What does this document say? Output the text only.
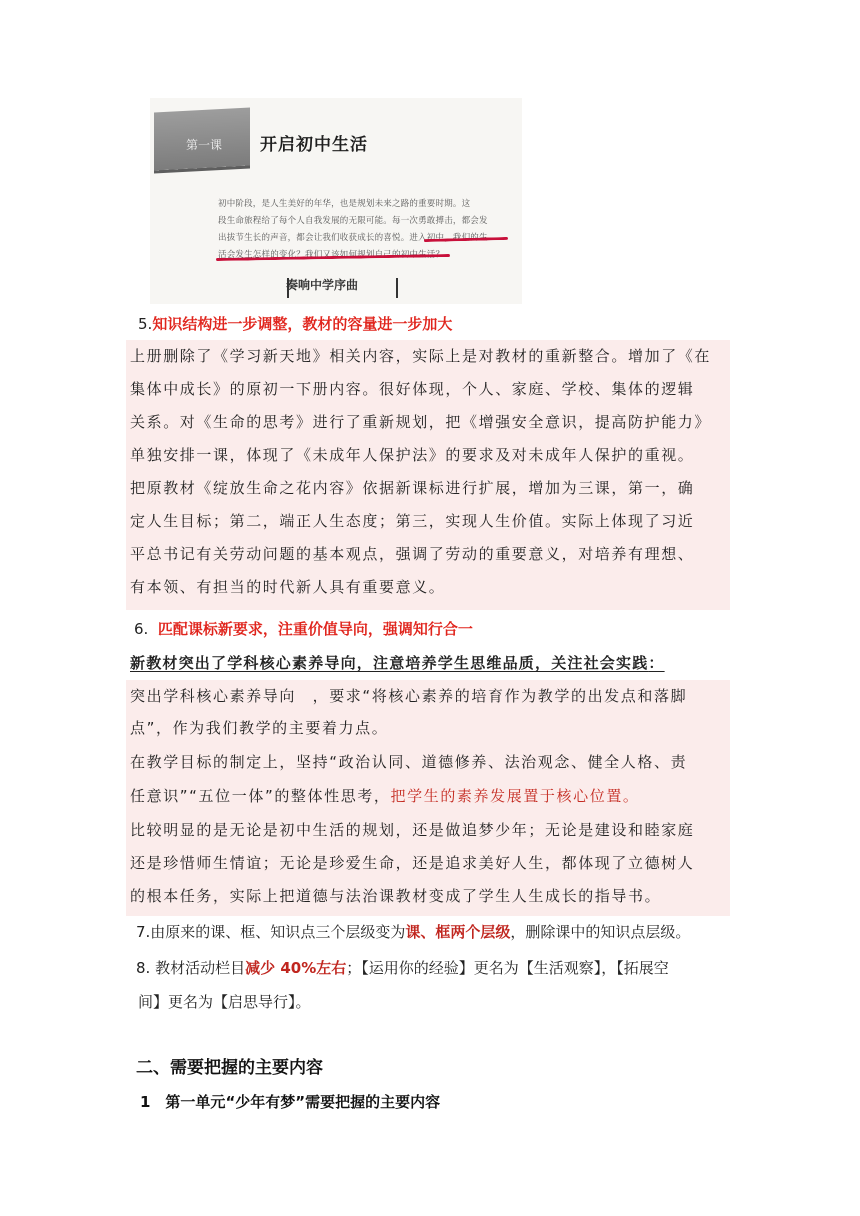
第一课 开启初中生活
初中阶段，是人生美好的年华，也是规划未来之路的重要时期。这
段生命旅程给了每个人自我发展的无限可能。每一次勇敢搏击，都会发
出拔节生长的声音，都会让我们收获成长的喜悦。进入初中，我们的生
活会发生怎样的变化？我们又该如何规划自己的初中生活？
奏响中学序曲
5.知识结构进一步调整，教材的容量进一步加大
上册删除了《学习新天地》相关内容，实际上是对教材的重新整合。增加了《在
集体中成长》的原初一下册内容。很好体现，个人、家庭、学校、集体的逻辑
关系。对《生命的思考》进行了重新规划，把《增强安全意识，提高防护能力》
单独安排一课，体现了《未成年人保护法》的要求及对未成年人保护的重视。
把原教材《绽放生命之花内容》依据新课标进行扩展，增加为三课，第一，确
定人生目标；第二，端正人生态度；第三，实现人生价值。实际上体现了习近
平总书记有关劳动问题的基本观点，强调了劳动的重要意义，对培养有理想、
有本领、有担当的时代新人具有重要意义。
6. 匹配课标新要求，注重价值导向，强调知行合一
新教材突出了学科核心素养导向，注意培养学生思维品质，关注社会实践：
突出学科核心素养导向　，要求“将核心素养的培育作为教学的出发点和落脚
点”，作为我们教学的主要着力点。
在教学目标的制定上，坚持“政治认同、道德修养、法治观念、健全人格、责
任意识”“五位一体”的整体性思考，把学生的素养发展置于核心位置。
比较明显的是无论是初中生活的规划，还是做追梦少年；无论是建设和睦家庭
还是珍惜师生情谊；无论是珍爱生命，还是追求美好人生，都体现了立德树人
的根本任务，实际上把道德与法治课教材变成了学生人生成长的指导书。
7.由原来的课、框、知识点三个层级变为课、框两个层级，删除课中的知识点层级。
8. 教材活动栏目减少 40%左右；【运用你的经验】更名为【生活观察】，【拓展空
间】更名为【启思导行】。
二、需要把握的主要内容
1　第一单元“少年有梦”需要把握的主要内容
